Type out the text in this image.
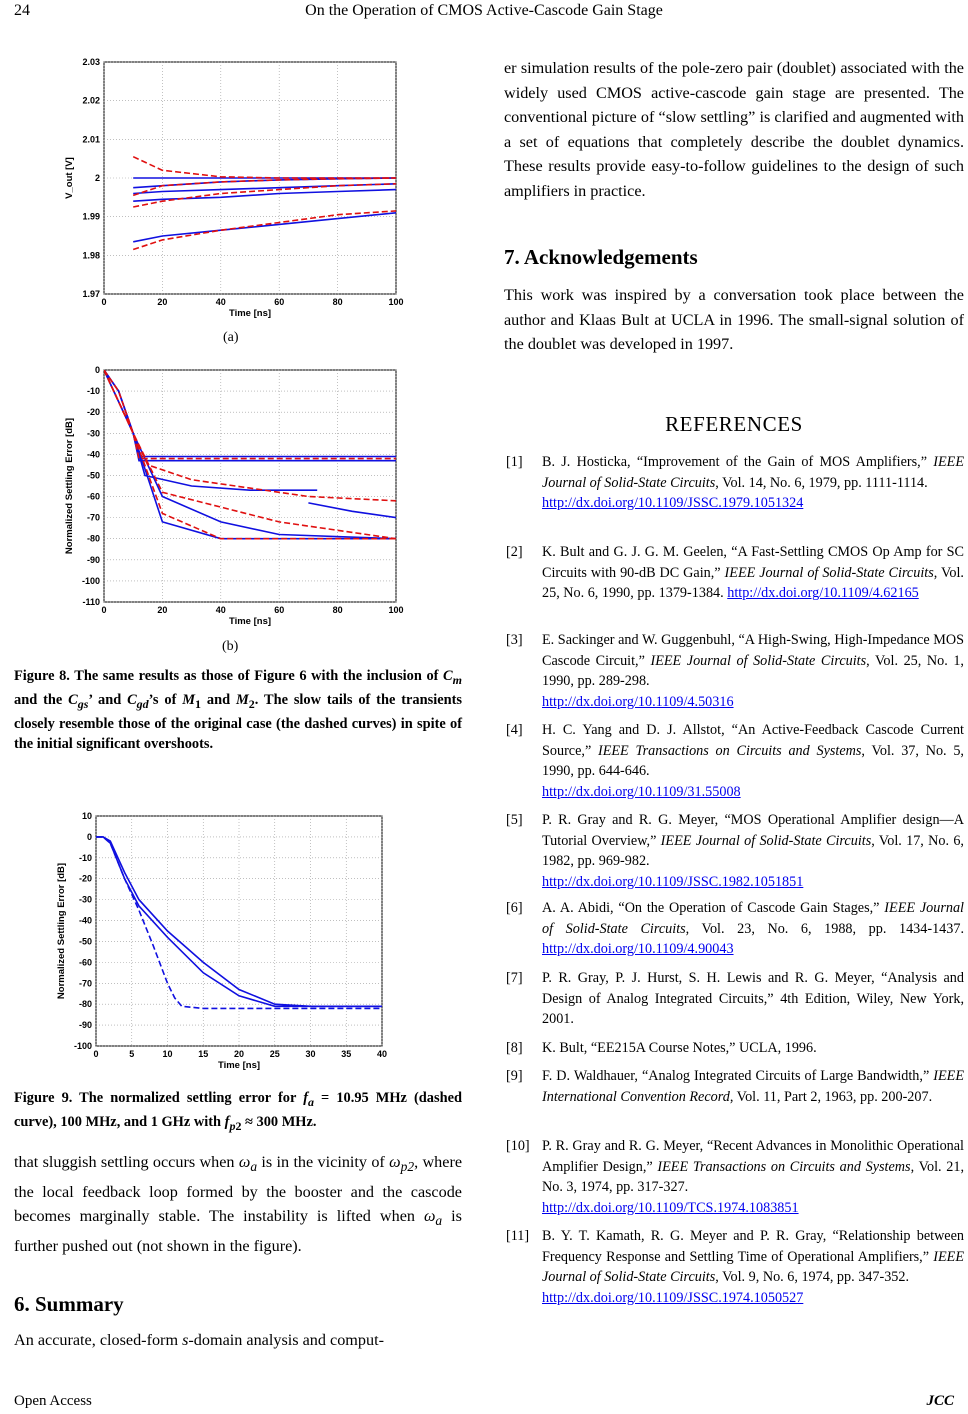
24	On the Operation of CMOS Active-Cascode Gain Stage
0	20	40	60	80	100
1.97
1.98
1.99
2
2.01
2.02
2.03
Time [ns]
V_out [V]
(a)
0	20	40	60	80	100
0
-10
-20
-30
-40
-50
-60
-70
-80
-90
-100
-110
Time [ns]
Normalized Settling Error [dB]
(b)
Figure 8. The same results as those of Figure 6 with the inclusion of $C_m$ and the $C_{gs}$’ and $C_{gd}’s$ of $M_1$ and $M_2$. The slow tails of the transients closely resemble those of the original case (the dashed curves) in spite of the initial significant overshoots.
0	5	10	15	20	25	30	35	40
10
0
-10
-20
-30
-40
-50
-60
-70
-80
-90
-100
Time [ns]
Normalized Settling Error [dB]
Figure 9. The normalized settling error for $f_a = 10.95$ MHz (dashed curve), 100 MHz, and 1 GHz with $f_{p2} \approx 300$ MHz.
that sluggish settling occurs when $\omega_a$ is in the vicinity of $\omega_{p2}$, where the local feedback loop formed by the booster and the cascode becomes marginally stable. The instability is lifted when $\omega_a$ is further pushed out (not shown in the figure).
6. Summary
An accurate, closed-form s-domain analysis and comput-
er simulation results of the pole-zero pair (doublet) associated with the widely used CMOS active-cascode gain stage are presented. The conventional picture of “slow settling” is clarified and augmented with a set of equations that completely describe the doublet dynamics. These results provide easy-to-follow guidelines to the design of such amplifiers in practice.
7. Acknowledgements
This work was inspired by a conversation took place between the author and Klaas Bult at UCLA in 1996. The small-signal solution of the doublet was developed in 1997.
REFERENCES
[1] B. J. Hosticka, “Improvement of the Gain of MOS Amplifiers,” IEEE Journal of Solid-State Circuits, Vol. 14, No. 6, 1979, pp. 1111-1114.
http://dx.doi.org/10.1109/JSSC.1979.1051324
[2] K. Bult and G. J. G. M. Geelen, “A Fast-Settling CMOS Op Amp for SC Circuits with 90-dB DC Gain,” IEEE Journal of Solid-State Circuits, Vol. 25, No. 6, 1990, pp. 1379-1384. http://dx.doi.org/10.1109/4.62165
[3] E. Sackinger and W. Guggenbuhl, “A High-Swing, High-Impedance MOS Cascode Circuit,” IEEE Journal of Solid-State Circuits, Vol. 25, No. 1, 1990, pp. 289-298.
http://dx.doi.org/10.1109/4.50316
[4] H. C. Yang and D. J. Allstot, “An Active-Feedback Cascode Current Source,” IEEE Transactions on Circuits and Systems, Vol. 37, No. 5, 1990, pp. 644-646.
http://dx.doi.org/10.1109/31.55008
[5] P. R. Gray and R. G. Meyer, “MOS Operational Amplifier design—A Tutorial Overview,” IEEE Journal of Solid-State Circuits, Vol. 17, No. 6, 1982, pp. 969-982.
http://dx.doi.org/10.1109/JSSC.1982.1051851
[6] A. A. Abidi, “On the Operation of Cascode Gain Stages,” IEEE Journal of Solid-State Circuits, Vol. 23, No. 6, 1988, pp. 1434-1437. http://dx.doi.org/10.1109/4.90043
[7] P. R. Gray, P. J. Hurst, S. H. Lewis and R. G. Meyer, “Analysis and Design of Analog Integrated Circuits,” 4th Edition, Wiley, New York, 2001.
[8] K. Bult, “EE215A Course Notes,” UCLA, 1996.
[9] F. D. Waldhauer, “Analog Integrated Circuits of Large Bandwidth,” IEEE International Convention Record, Vol. 11, Part 2, 1963, pp. 200-207.
[10] P. R. Gray and R. G. Meyer, “Recent Advances in Monolithic Operational Amplifier Design,” IEEE Transactions on Circuits and Systems, Vol. 21, No. 3, 1974, pp. 317-327.
http://dx.doi.org/10.1109/TCS.1974.1083851
[11] B. Y. T. Kamath, R. G. Meyer and P. R. Gray, “Relationship between Frequency Response and Settling Time of Operational Amplifiers,” IEEE Journal of Solid-State Circuits, Vol. 9, No. 6, 1974, pp. 347-352.
http://dx.doi.org/10.1109/JSSC.1974.1050527
Open Access	JCC
